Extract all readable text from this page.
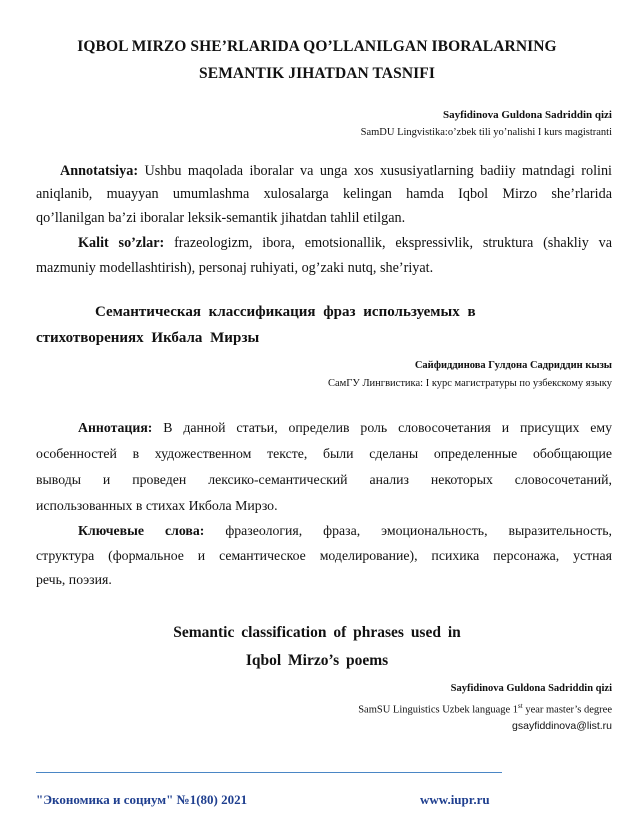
IQBOL MIRZO SHE’RLARIDA QO’LLANILGAN IBORALARNING
SEMANTIK JIHATDAN TASNIFI
Sayfidinova Guldona Sadriddin qizi
SamDU Lingvistika:o’zbek tili yo’nalishi I kurs magistranti
Annotatsiya: Ushbu maqolada iboralar va unga xos xususiyatlarning badiiy matndagi rolini
aniqlanib, muayyan umumlashma xulosalarga kelingan hamda Iqbol Mirzo she’rlarida
qo’llanilgan ba’zi iboralar leksik-semantik jihatdan tahlil etilgan.
Kalit so’zlar: frazeologizm, ibora, emotsionallik, ekspressivlik, struktura (shakliy va
mazmuniy modellashtirish), personaj ruhiyati, og’zaki nutq, she’riyat.
Семантическая классификация фраз используемых в
стихотворениях Икбала Мирзы
Сайфиддинова Гулдона Садриддин кызы
СамГУ Лингвистика: I курс магистратуры по узбекскому языку
Аннотация: В данной статьи, определив роль словосочетания и присущих ему
особенностей в художественном тексте, были сделаны определенные обобщающие
выводы и проведен лексико-семантический анализ некоторых словосочетаний,
использованных в стихах Икбола Мирзо.
Ключевые слова: фразеология, фраза, эмоциональность, выразительность,
структура (формальное и семантическое моделирование), психика персонажа, устная
речь, поэзия.
Semantic classification of phrases used in
Iqbol Mirzo’s poems
Sayfidinova Guldona Sadriddin qizi
SamSU Linguistics Uzbek language 1st year master’s degree
gsayfiddinova@list.ru
"Экономика и социум" №1(80) 2021	www.iupr.ru
